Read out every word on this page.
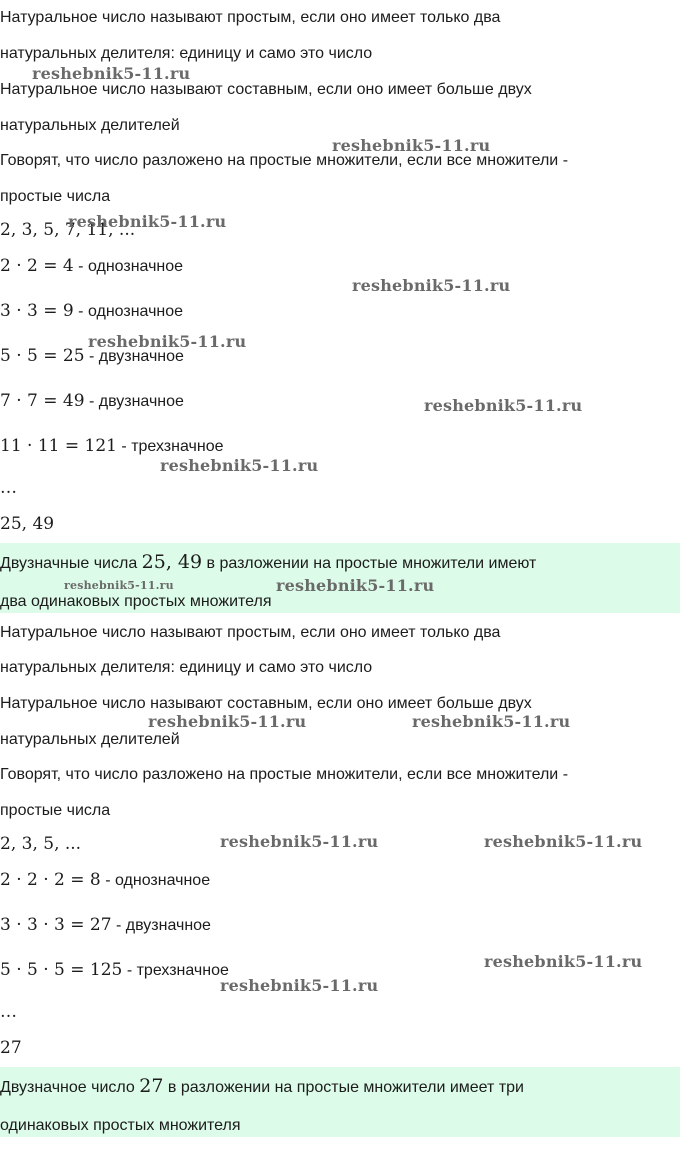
Натуральное число называют простым, если оно имеет только два
натуральных делителя: единицу и само это число
Натуральное число называют составным, если оно имеет больше двух
натуральных делителей
Говорят, что число разложено на простые множители, если все множители -
простые числа
2, 3, 5, 7, 11, ...
2 · 2 = 4 - однозначное
3 · 3 = 9 - однозначное
5 · 5 = 25 - двузначное
7 · 7 = 49 - двузначное
11 · 11 = 121 - трехзначное
…
25, 49
Двузначные числа 25, 49 в разложении на простые множители имеют
два одинаковых простых множителя
Натуральное число называют простым, если оно имеет только два
натуральных делителя: единицу и само это число
Натуральное число называют составным, если оно имеет больше двух
натуральных делителей
Говорят, что число разложено на простые множители, если все множители -
простые числа
2, 3, 5, ...
2 · 2 · 2 = 8 - однозначное
3 · 3 · 3 = 27 - двузначное
5 · 5 · 5 = 125 - трехзначное
…
27
Двузначное число 27 в разложении на простые множители имеет три
одинаковых простых множителя
reshebnik5-11.ru
reshebnik5-11.ru
reshebnik5-11.ru
reshebnik5-11.ru
reshebnik5-11.ru
reshebnik5-11.ru
reshebnik5-11.ru
reshebnik5-11.ru	reshebnik5-11.ru
reshebnik5-11.ru	reshebnik5-11.ru
reshebnik5-11.ru	reshebnik5-11.ru
reshebnik5-11.ru
reshebnik5-11.ru
